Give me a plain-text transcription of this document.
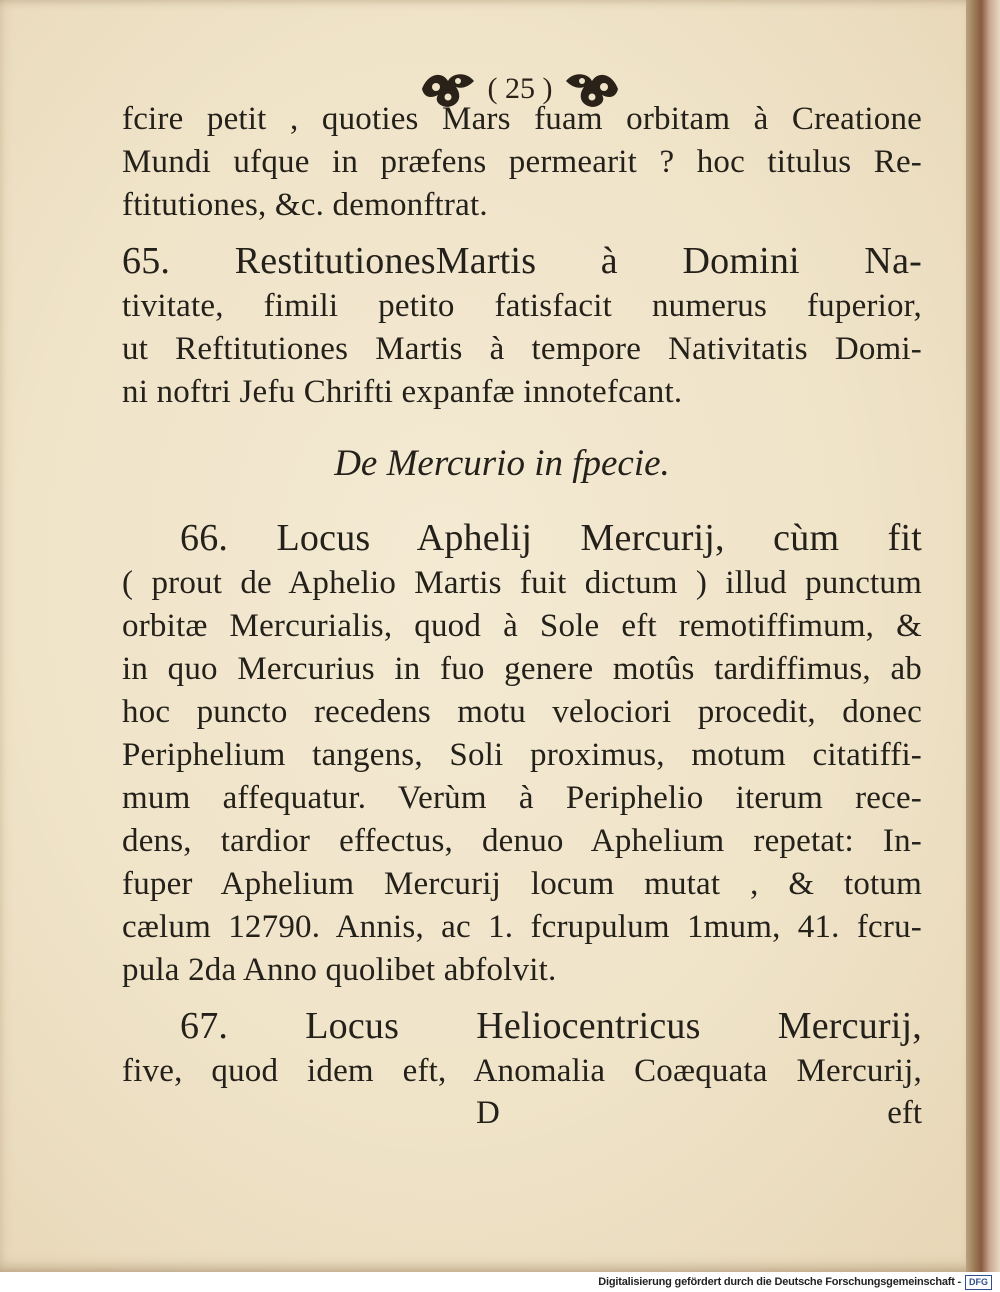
( 25 )
fcire petit , quoties Mars fuam orbitam à Creatione
Mundi ufque in præfens permearit ? hoc titulus Re-
ftitutiones, &c. demonftrat.
65. RestitutionesMartis à Domini Na-
tivitate, fimili petito fatisfacit numerus fuperior,
ut Reftitutiones Martis à tempore Nativitatis Domi-
ni noftri Jefu Chrifti expanfæ innotefcant.
De Mercurio in fpecie.
66. Locus Aphelij Mercurij, cùm fit
( prout de Aphelio Martis fuit dictum ) illud punctum
orbitæ Mercurialis, quod à Sole eft remotiffimum, &
in quo Mercurius in fuo genere motûs tardiffimus, ab
hoc puncto recedens motu velociori procedit, donec
Periphelium tangens, Soli proximus, motum citatiffi-
mum affequatur. Verùm à Periphelio iterum rece-
dens, tardior effectus, denuo Aphelium repetat: In-
fuper Aphelium Mercurij locum mutat , & totum
cælum 12790. Annis, ac 1. fcrupulum 1mum, 41. fcru-
pula 2da Anno quolibet abfolvit.
67. Locus Heliocentricus Mercurij,
five, quod idem eft, Anomalia Coæquata Mercurij,
D	eft
Digitalisierung gefördert durch die Deutsche Forschungsgemeinschaft - DFG
